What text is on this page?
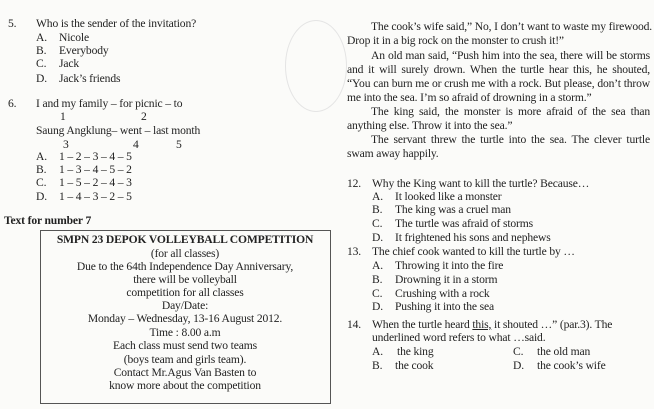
5. Who is the sender of the invitation?
A. Nicole
B. Everybody
C. Jack
D. Jack’s friends
6. I and my family – for picnic – to
1	2
Saung Angklung– went – last month
3	4	5
A. 1 – 2 – 3 – 4 – 5
B. 1 – 3 – 4 – 5 – 2
C. 1 – 5 – 2 – 4 – 3
D. 1 – 4 – 3 – 2 – 5
Text for number 7
SMPN 23 DEPOK VOLLEYBALL COMPETITION
(for all classes)
Due to the 64th Independence Day Anniversary,
there will be volleyball
competition for all classes
Day/Date:
Monday – Wednesday, 13-16 August 2012.
Time : 8.00 a.m
Each class must send two teams
(boys team and girls team).
Contact Mr.Agus Van Basten to
know more about the competition
The cook’s wife said,” No, I don’t want to waste my firewood.
Drop it in a big rock on the monster to crush it!”
An old man said, “Push him into the sea, there will be storms
and it will surely drown. When the turtle hear this, he shouted,
“You can burn me or crush me with a rock. But please, don’t throw
me into the sea. I’m so afraid of drowning in a storm.”
The king said, the monster is more afraid of the sea than
anything else. Throw it into the sea.”
The servant threw the turtle into the sea. The clever turtle
swam away happily.
12. Why the King want to kill the turtle? Because…
A. It looked like a monster
B. The king was a cruel man
C. The turtle was afraid of storms
D. It frightened his sons and nephews
13. The chief cook wanted to kill the turtle by …
A. Throwing it into the fire
B. Drowning it in a storm
C. Crushing with a rock
D. Pushing it into the sea
14. When the turtle heard this, it shouted …” (par.3). The
underlined word refers to what …said.
A. the king
B. the cook
C. the old man
D. the cook’s wife
